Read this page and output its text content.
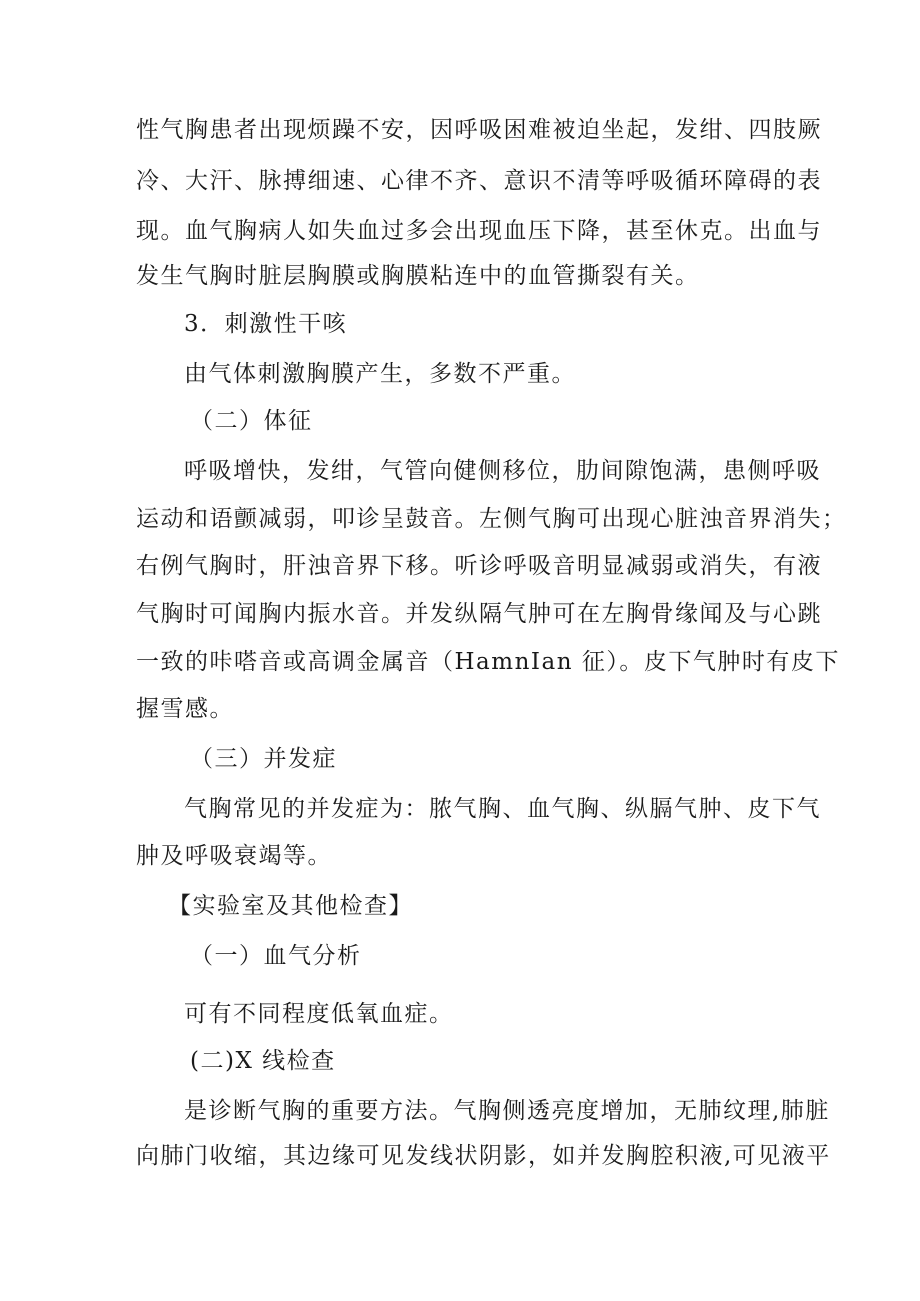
性气胸患者出现烦躁不安，因呼吸困难被迫坐起，发绀、四肢厥
冷、大汗、脉搏细速、心律不齐、意识不清等呼吸循环障碍的表
现。血气胸病人如失血过多会出现血压下降，甚至休克。出血与
发生气胸时脏层胸膜或胸膜粘连中的血管撕裂有关。
3．刺激性干咳
由气体刺激胸膜产生，多数不严重。
（二）体征
呼吸增快，发绀，气管向健侧移位，肋间隙饱满，患侧呼吸
运动和语颤减弱，叩诊呈鼓音。左侧气胸可出现心脏浊音界消失；
右例气胸时，肝浊音界下移。听诊呼吸音明显减弱或消失，有液
气胸时可闻胸内振水音。并发纵隔气肿可在左胸骨缘闻及与心跳
一致的咔嗒音或高调金属音（HamnIan 征）。皮下气肿时有皮下
握雪感。
（三）并发症
气胸常见的并发症为：脓气胸、血气胸、纵膈气肿、皮下气
肿及呼吸衰竭等。
【实验室及其他检查】
（一）血气分析
可有不同程度低氧血症。
(二)X 线检查
是诊断气胸的重要方法。气胸侧透亮度增加，无肺纹理,肺脏
向肺门收缩，其边缘可见发线状阴影，如并发胸腔积液,可见液平
